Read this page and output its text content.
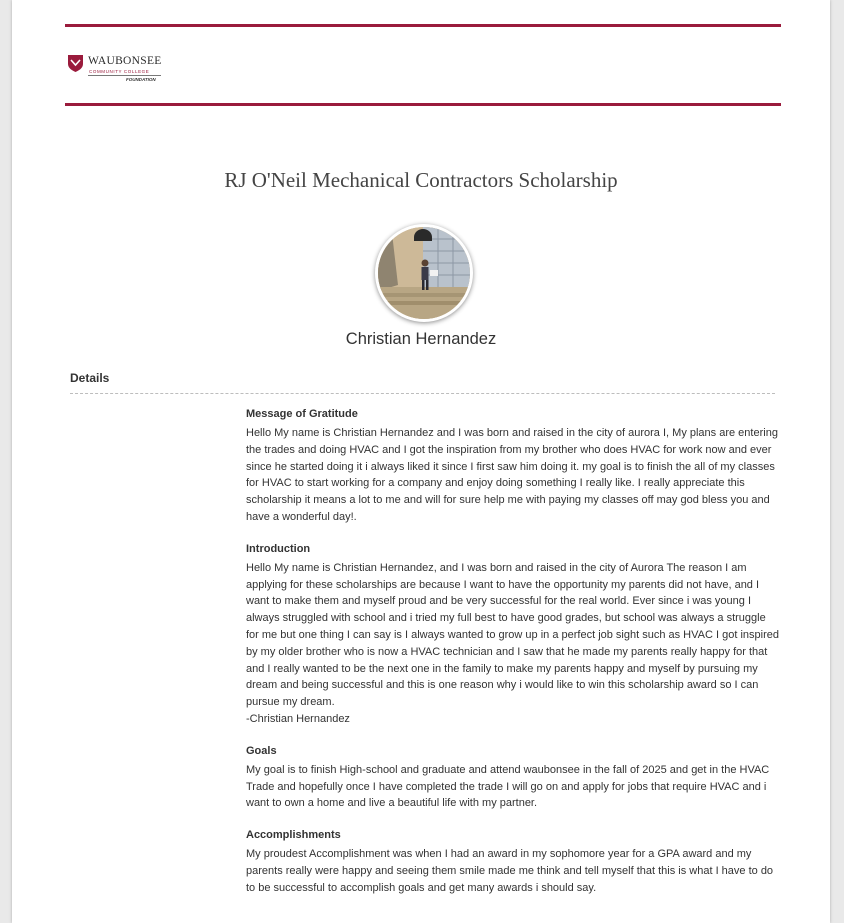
WAUBONSEE
COMMUNITY COLLEGE
FOUNDATION
RJ O'Neil Mechanical Contractors Scholarship
Christian Hernandez
Details
Message of Gratitude

Hello My name is Christian Hernandez and I was born and raised in the city of aurora I, My plans are entering the trades and doing HVAC and I got the inspiration from my brother who does HVAC for work now and ever since he started doing it i always liked it since I first saw him doing it. my goal is to finish the all of my classes for HVAC to start working for a company and enjoy doing something I really like. I really appreciate this scholarship it means a lot to me and will for sure help me with paying my classes off may god bless you and have a wonderful day!.

Introduction

Hello My name is Christian Hernandez, and I was born and raised in the city of Aurora The reason I am applying for these scholarships are because I want to have the opportunity my parents did not have, and I want to make them and myself proud and be very successful for the real world. Ever since i was young I always struggled with school and i tried my full best to have good grades, but school was always a struggle for me but one thing I can say is I always wanted to grow up in a perfect job sight such as HVAC I got inspired by my older brother who is now a HVAC technician and I saw that he made my parents really happy for that and I really wanted to be the next one in the family to make my parents happy and myself by pursuing my dream and being successful and this is one reason why i would like to win this scholarship award so I can pursue my dream.
-Christian Hernandez

Goals

My goal is to finish High-school and graduate and attend waubonsee in the fall of 2025 and get in the HVAC Trade and hopefully once I have completed the trade I will go on and apply for jobs that require HVAC and i want to own a home and live a beautiful life with my partner.

Accomplishments

My proudest Accomplishment was when I had an award in my sophomore year for a GPA award and my parents really were happy and seeing them smile made me think and tell myself that this is what I have to do to be successful to accomplish goals and get many awards i should say.
